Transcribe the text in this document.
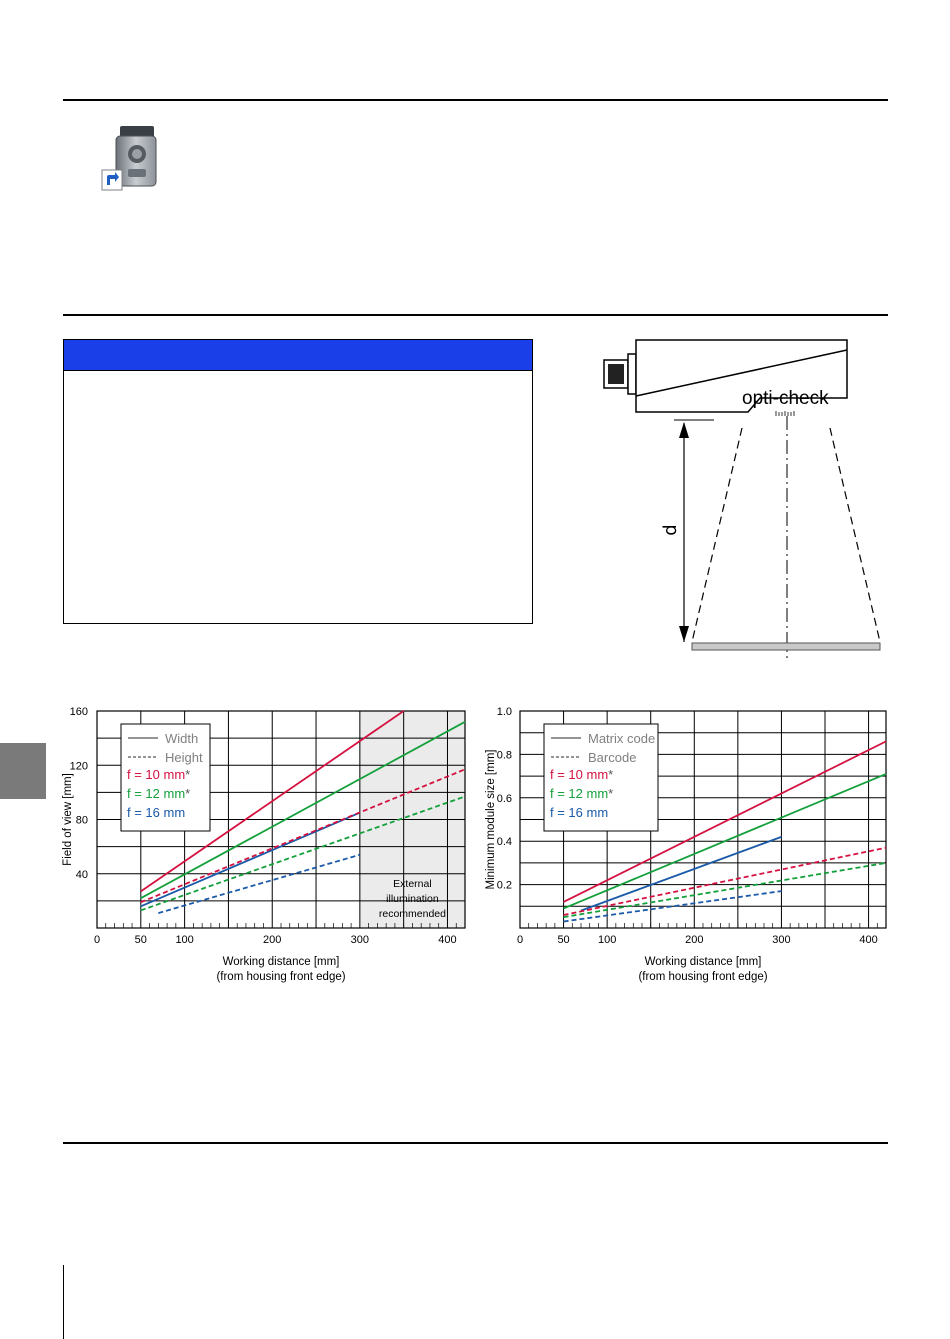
opti-check
d
0	50	100	200	300	400
40
80
120
160
Field of view [mm]
Working distance [mm]
(from housing front edge)
External
illumination
recommended
Width
Height
f = 10 mm*
f = 12 mm*
f = 16 mm
0	50	100	200	300	400
0.2
0.4
0.6
0.8
1.0
Minimum module size [mm]
Working distance [mm]
(from housing front edge)
Matrix code
Barcode
f = 10 mm*
f = 12 mm*
f = 16 mm
